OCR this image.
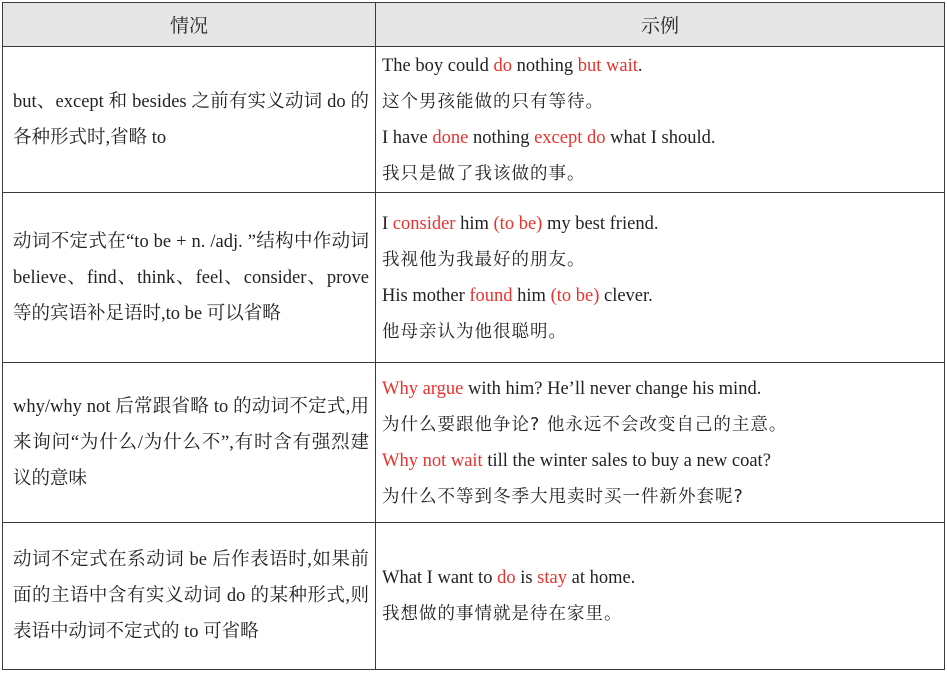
情况	示例
but、except 和 besides 之前有实义动词 do 的各种形式时,省略 to	The boy could do nothing but wait.
这个男孩能做的只有等待。
I have done nothing except do what I should.
我只是做了我该做的事。

动词不定式在“to be + n. /adj. ”结构中作动词 believe、find、think、feel、consider、prove 等的宾语补足语时,to be 可以省略	I consider him (to be) my best friend.
我视他为我最好的朋友。
His mother found him (to be) clever.
他母亲认为他很聪明。

why/why not 后常跟省略 to 的动词不定式,用来询问“为什么/为什么不”,有时含有强烈建议的意味	Why argue with him? He’ll never change his mind.
为什么要跟他争论? 他永远不会改变自己的主意。
Why not wait till the winter sales to buy a new coat?
为什么不等到冬季大甩卖时买一件新外套呢?

动词不定式在系动词 be 后作表语时,如果前面的主语中含有实义动词 do 的某种形式,则表语中动词不定式的 to 可省略	What I want to do is stay at home.
我想做的事情就是待在家里。
